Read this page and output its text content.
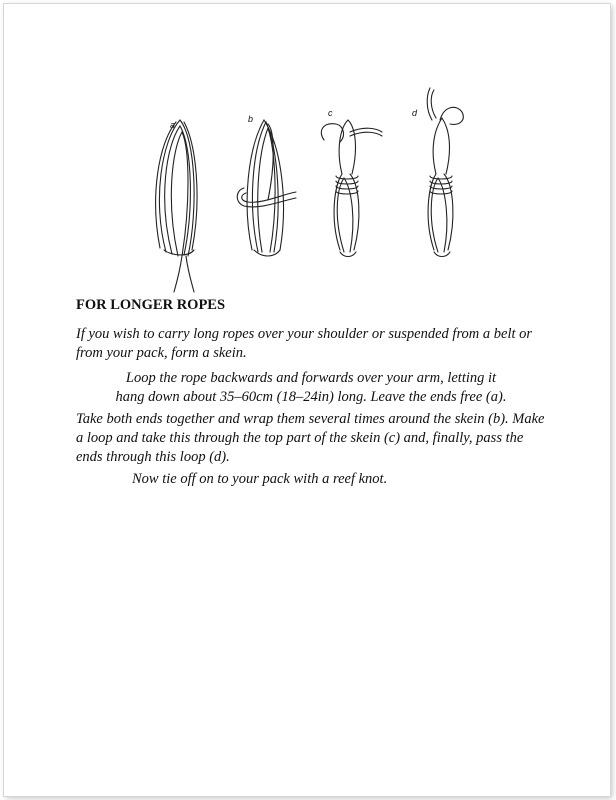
a
b
c	d
FOR LONGER ROPES

If you wish to carry long ropes over your shoulder or suspended from a belt or from your pack, form a skein.

Loop the rope backwards and forwards over your arm, letting it
hang down about 35–60cm (18–24in) long. Leave the ends free (a).

Take both ends together and wrap them several times around the skein (b). Make a loop and take this through the top part of the skein (c) and, finally, pass the ends through this loop (d).

Now tie off on to your pack with a reef knot.
